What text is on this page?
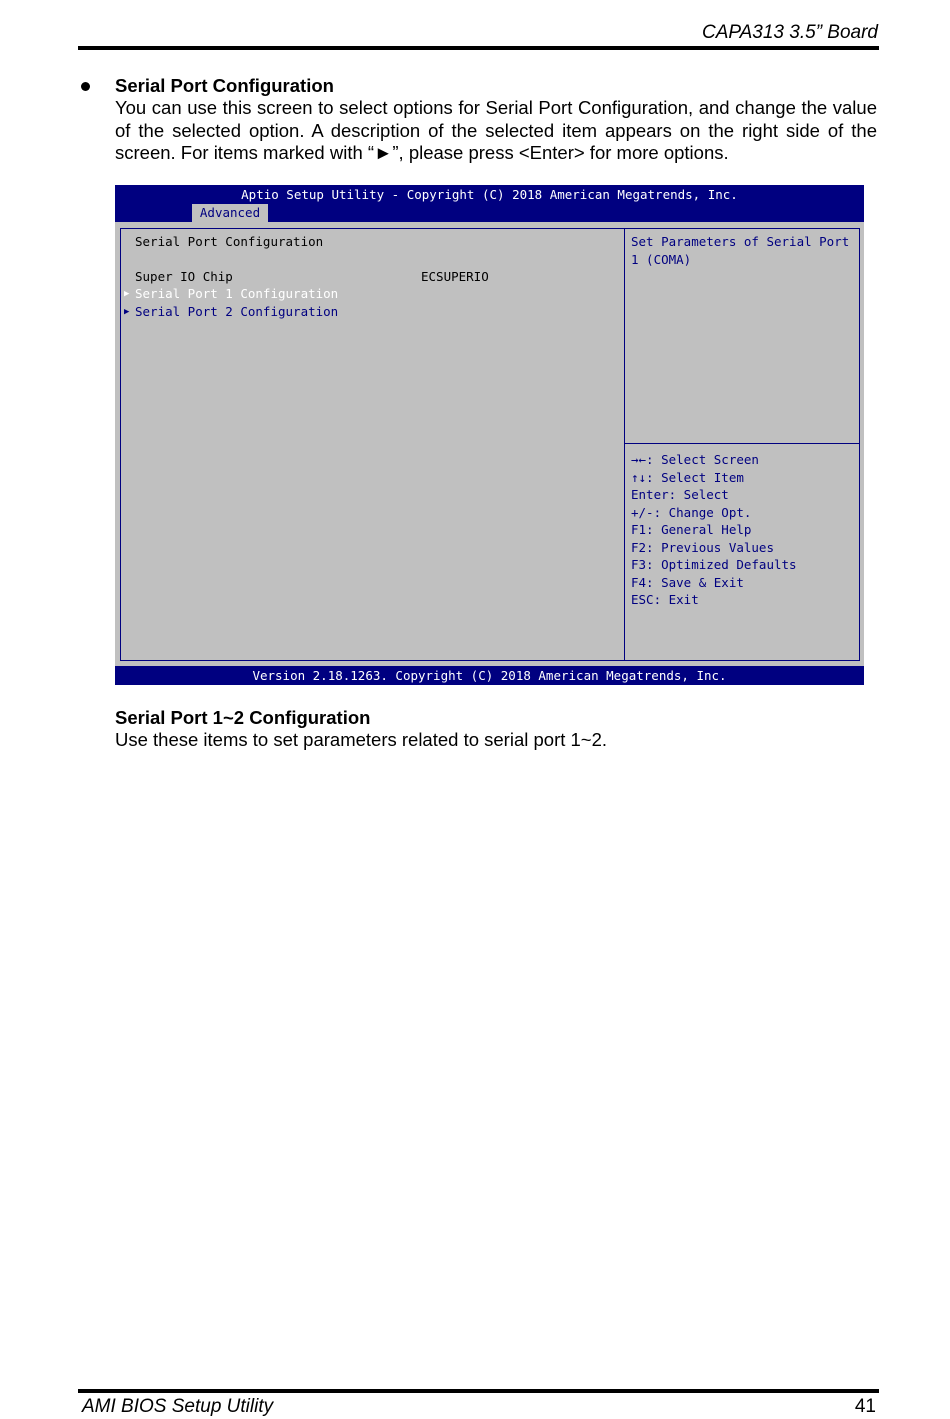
CAPA313 3.5” Board
Serial Port Configuration
You can use this screen to select options for Serial Port Configuration, and change the value of the selected option. A description of the selected item appears on the right side of the screen. For items marked with “►”, please press <Enter> for more options.
Aptio Setup Utility - Copyright (C) 2018 American Megatrends, Inc.
Advanced
Serial Port Configuration
Super IO Chip	ECSUPERIO
▶ Serial Port 1 Configuration
▶ Serial Port 2 Configuration
Set Parameters of Serial Port
1 (COMA)
→←: Select Screen
↑↓: Select Item
Enter: Select
+/-: Change Opt.
F1: General Help
F2: Previous Values
F3: Optimized Defaults
F4: Save & Exit
ESC: Exit
Version 2.18.1263. Copyright (C) 2018 American Megatrends, Inc.
Serial Port 1~2 Configuration
Use these items to set parameters related to serial port 1~2.
AMI BIOS Setup Utility	41
